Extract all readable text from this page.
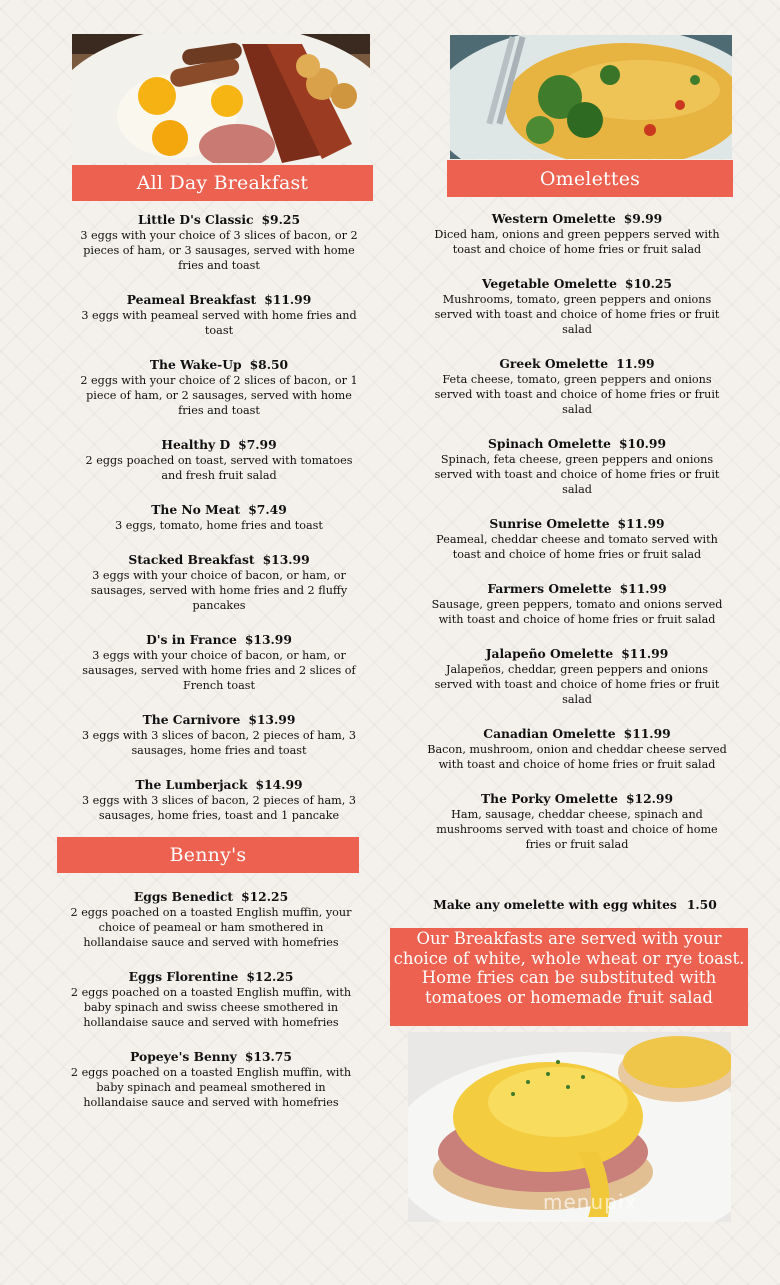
All Day Breakfast	Omelettes
Little D's Classic $9.25
3 eggs with your choice of 3 slices of bacon, or 2 pieces of ham, or 3 sausages, served with home fries and toast
Peameal Breakfast $11.99
3 eggs with peameal served with home fries and toast
The Wake-Up $8.50
2 eggs with your choice of 2 slices of bacon, or 1 piece of ham, or 2 sausages, served with home fries and toast
Healthy D $7.99
2 eggs poached on toast, served with tomatoes and fresh fruit salad
The No Meat $7.49
3 eggs, tomato, home fries and toast
Stacked Breakfast $13.99
3 eggs with your choice of bacon, or ham, or sausages, served with home fries and 2 fluffy pancakes
D's in France $13.99
3 eggs with your choice of bacon, or ham, or sausages, served with home fries and 2 slices of French toast
The Carnivore $13.99
3 eggs with 3 slices of bacon, 2 pieces of ham, 3 sausages, home fries and toast
The Lumberjack $14.99
3 eggs with 3 slices of bacon, 2 pieces of ham, 3 sausages, home fries, toast and 1 pancake
Benny's
Eggs Benedict $12.25
2 eggs poached on a toasted English muffin, your choice of peameal or ham smothered in hollandaise sauce and served with homefries
Eggs Florentine $12.25
2 eggs poached on a toasted English muffin, with baby spinach and swiss cheese smothered in hollandaise sauce and served with homefries
Popeye's Benny $13.75
2 eggs poached on a toasted English muffin, with baby spinach and peameal smothered in hollandaise sauce and served with homefries
Western Omelette $9.99
Diced ham, onions and green peppers served with toast and choice of home fries or fruit salad
Vegetable Omelette $10.25
Mushrooms, tomato, green peppers and onions served with toast and choice of home fries or fruit salad
Greek Omelette 11.99
Feta cheese, tomato, green peppers and onions served with toast and choice of home fries or fruit salad
Spinach Omelette $10.99
Spinach, feta cheese, green peppers and onions served with toast and choice of home fries or fruit salad
Sunrise Omelette $11.99
Peameal, cheddar cheese and tomato served with toast and choice of home fries or fruit salad
Farmers Omelette $11.99
Sausage, green peppers, tomato and onions served with toast and choice of home fries or fruit salad
Jalapeño Omelette $11.99
Jalapeños, cheddar, green peppers and onions served with toast and choice of home fries or fruit salad
Canadian Omelette $11.99
Bacon, mushroom, onion and cheddar cheese served with toast and choice of home fries or fruit salad
The Porky Omelette $12.99
Ham, sausage, cheddar cheese, spinach and mushrooms served with toast and choice of home fries or fruit salad
Make any omelette with egg whites 1.50
Our Breakfasts are served with your choice of white, whole wheat or rye toast.
Home fries can be substituted with tomatoes or homemade fruit salad
menupix
